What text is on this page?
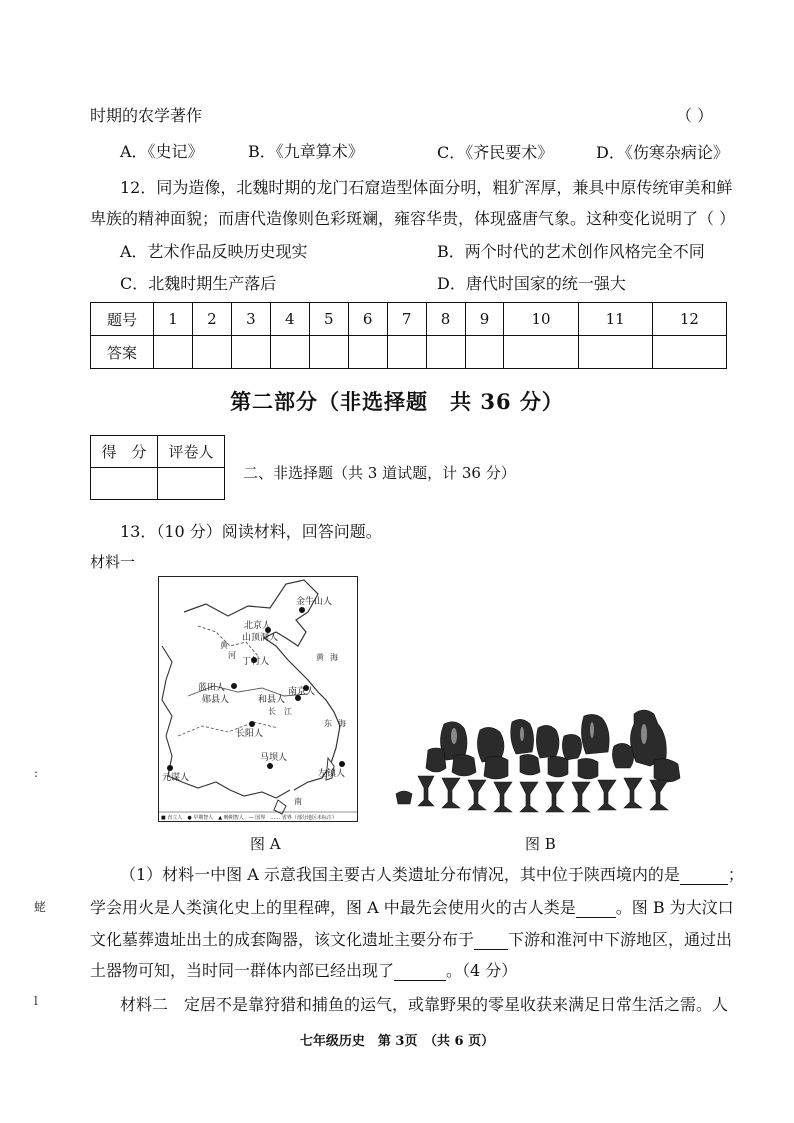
时期的农学著作	（ ）
A．《史记》	B．《九章算术》	C．《齐民要术》	D．《伤寒杂病论》
12．同为造像，北魏时期的龙门石窟造型体面分明，粗犷浑厚，兼具中原传统审美和鲜
卑族的精神面貌；而唐代造像则色彩斑斓，雍容华贵，体现盛唐气象。这种变化说明了（ ）
A．艺术作品反映历史现实	B．两个时代的艺术创作风格完全不同
C．北魏时期生产落后	D．唐代时国家的统一强大
题号	1	2	3	4	5	6	7	8	9	10	11	12
答案												
第二部分（非选择题　共 36 分）
得　分	评卷人

二、非选择题（共 3 道试题，计 36 分）
13．（10 分）阅读材料，回答问题。
材料一
金牛山人
北京人
山顶洞人
丁村人
蓝田人
郧县人	和县人
南京人
长阳人
马坝人
元谋人	左镇人
黄
河
长 江
黄 海
东 海
南
■ 直立人　● 早期智人　▲ 晚期智人　— 国界　…… 省界（部分地区未标注）
图 A	图 B
（1）材料一中图 A 示意我国主要古人类遗址分布情况，其中位于陕西境内的是	；
学会用火是人类演化史上的里程碑，图 A 中最先会使用火的古人类是	。图 B 为大汶口
文化墓葬遗址出土的成套陶器，该文化遗址主要分布于 下游和淮河中下游地区，通过出
土器物可知，当时同一群体内部已经出现了	。（4 分）
材料二　定居不是靠狩猎和捕鱼的运气，或靠野果的零星收获来满足日常生活之需。人
七年级历史　第 3页　（共 6 页）
:
蛯
l
